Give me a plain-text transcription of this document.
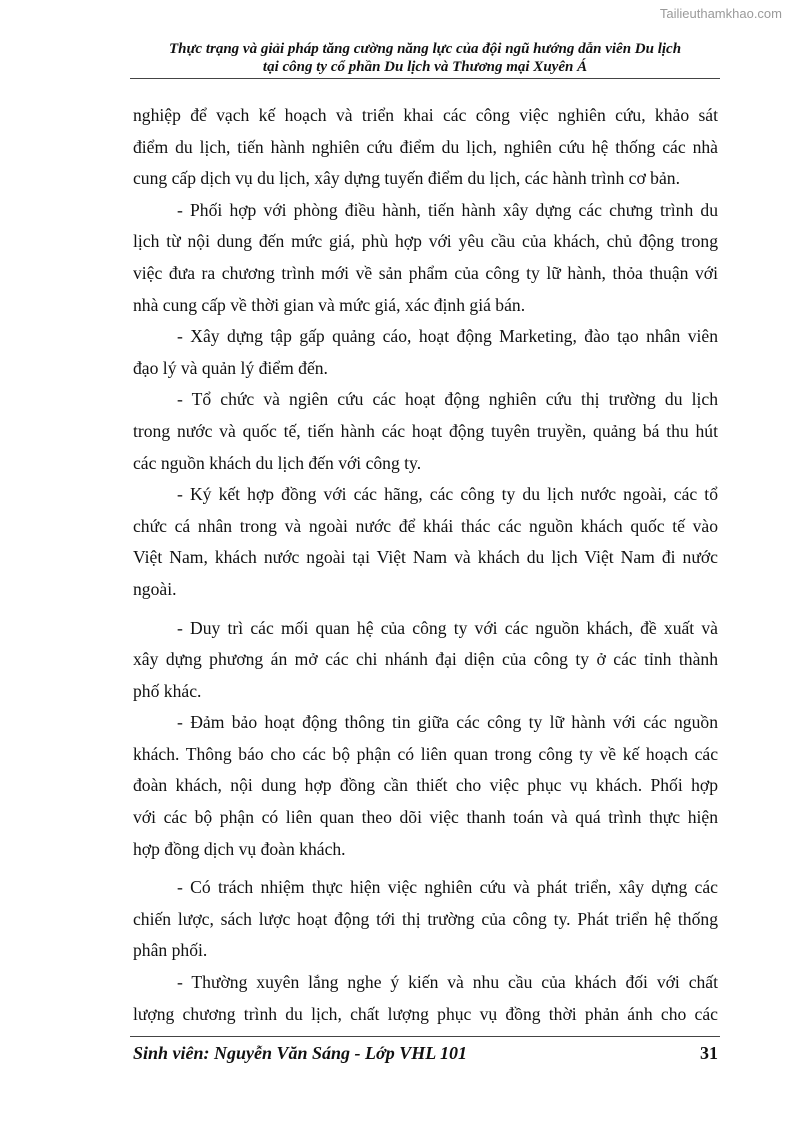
Tailieuthamkhao.com
Thực trạng và giải pháp tăng cường năng lực của đội ngũ hướng dẫn viên Du lịch
tại công ty cổ phần Du lịch và Thương mại Xuyên Á
nghiệp để vạch kế hoạch và triển khai các công việc nghiên cứu, khảo sát
điểm du lịch, tiến hành nghiên cứu điểm du lịch, nghiên cứu hệ thống các nhà
cung cấp dịch vụ du lịch, xây dựng tuyến điểm du lịch, các hành trình cơ bản.
- Phối hợp với phòng điều hành, tiến hành xây dựng các chưng trình du
lịch từ nội dung đến mức giá, phù hợp với yêu cầu của khách, chủ động trong
việc đưa ra chương trình mới về sản phẩm của công ty lữ hành, thỏa thuận với
nhà cung cấp về thời gian và mức giá, xác định giá bán.
- Xây dựng tập gấp quảng cáo, hoạt động Marketing, đào tạo nhân viên
đạo lý và quản lý điểm đến.
- Tổ chức và ngiên cứu các hoạt động nghiên cứu thị trường du lịch
trong nước và quốc tế, tiến hành các hoạt động tuyên truyền, quảng bá thu hút
các nguồn khách du lịch đến với công ty.
- Ký kết hợp đồng với các hãng, các công ty du lịch nước ngoài, các tổ
chức cá nhân trong và ngoài nước để khái thác các nguồn khách quốc tế vào
Việt Nam, khách nước ngoài tại Việt Nam và khách du lịch Việt Nam đi nước
ngoài.
- Duy trì các mối quan hệ của công ty với các nguồn khách, đề xuất và
xây dựng phương án mở các chi nhánh đại diện của công ty ở các tỉnh thành
phố khác.
- Đảm bảo hoạt động thông tin giữa các công ty lữ hành với các nguồn
khách. Thông báo cho các bộ phận có liên quan trong công ty về kế hoạch các
đoàn khách, nội dung hợp đồng cần thiết cho việc phục vụ khách. Phối hợp
với các bộ phận có liên quan theo dõi việc thanh toán và quá trình thực hiện
hợp đồng dịch vụ đoàn khách.
- Có trách nhiệm thực hiện việc nghiên cứu và phát triển, xây dựng các
chiến lược, sách lược hoạt động tới thị trường của công ty. Phát triển hệ thống
phân phối.
- Thường xuyên lắng nghe ý kiến và nhu cầu của khách đối với chất
lượng chương trình du lịch, chất lượng phục vụ đồng thời phản ánh cho các
Sinh viên: Nguyễn Văn Sáng - Lớp VHL 101	31
